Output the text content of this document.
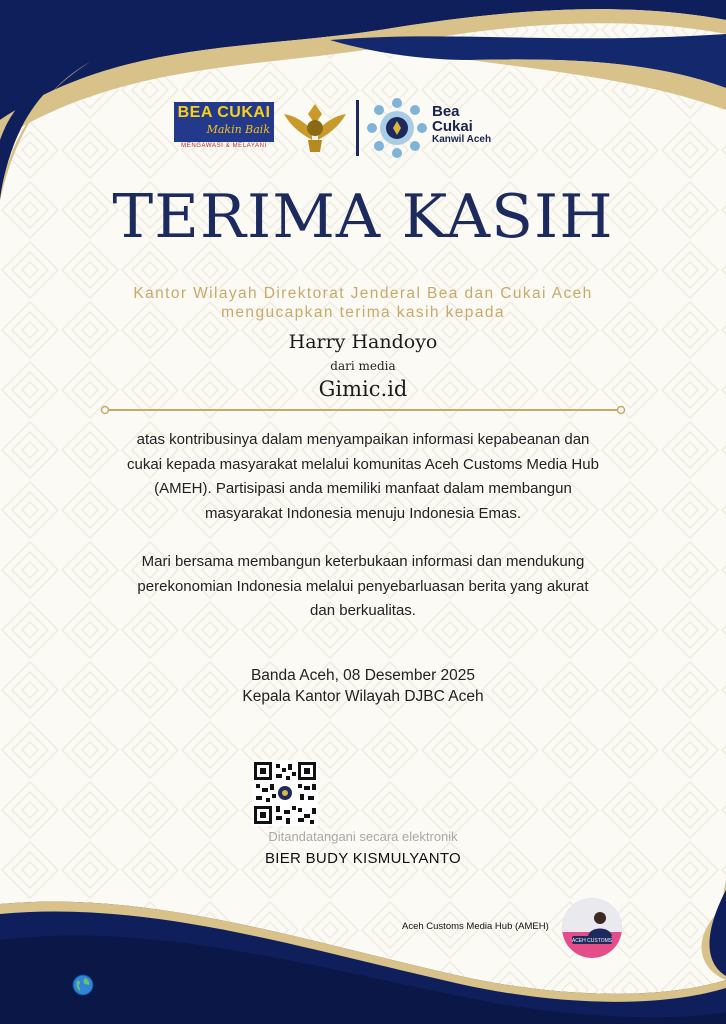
BEA CUKAI
Makin Baik
MENGAWASI & MELAYANI
Bea
Cukai
Kanwil Aceh
TERIMA KASIH
Kantor Wilayah Direktorat Jenderal Bea dan Cukai Aceh
mengucapkan terima kasih kepada
Harry Handoyo
dari media
Gimic.id
atas kontribusinya dalam menyampaikan informasi kepabeanan dan
cukai kepada masyarakat melalui komunitas Aceh Customs Media Hub
(AMEH). Partisipasi anda memiliki manfaat dalam membangun
masyarakat Indonesia menuju Indonesia Emas.
Mari bersama membangun keterbukaan informasi dan mendukung
perekonomian Indonesia melalui penyebarluasan berita yang akurat
dan berkualitas.
Banda Aceh, 08 Desember 2025
Kepala Kantor Wilayah DJBC Aceh
Ditandatangani secara elektronik
BIER BUDY KISMULYANTO
Aceh Customs Media Hub (AMEH)
ACEH CUSTOMS
